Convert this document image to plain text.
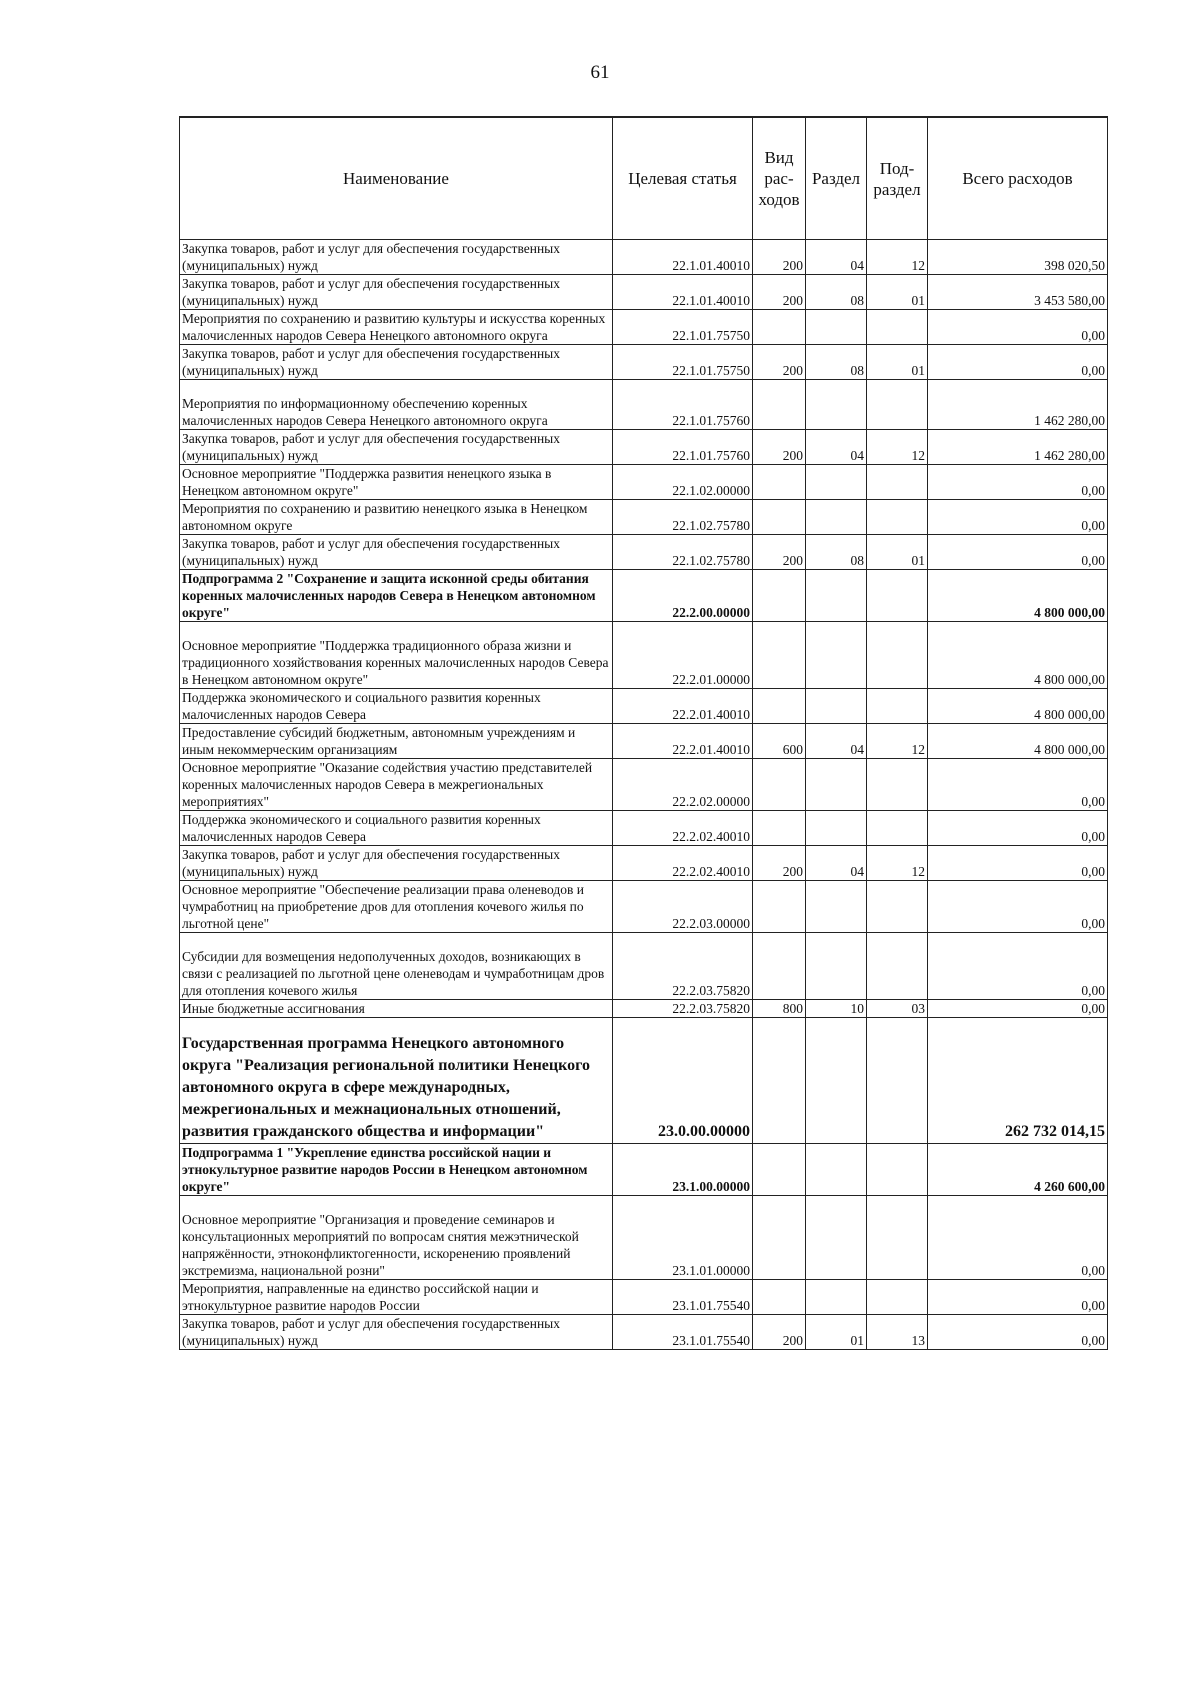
61
Наименование	Целевая статья	Вид рас-ходов	Раздел	Под-раздел	Всего расходов
Закупка товаров, работ и услуг для обеспечения государственных (муниципальных) нужд	22.1.01.40010	200	04	12	398 020,50
Закупка товаров, работ и услуг для обеспечения государственных (муниципальных) нужд	22.1.01.40010	200	08	01	3 453 580,00
Мероприятия по сохранению и развитию культуры и искусства коренных малочисленных народов Севера Ненецкого автономного округа	22.1.01.75750				0,00
Закупка товаров, работ и услуг для обеспечения государственных (муниципальных) нужд	22.1.01.75750	200	08	01	0,00
Мероприятия по информационному обеспечению коренных малочисленных народов Севера Ненецкого автономного округа	22.1.01.75760				1 462 280,00
Закупка товаров, работ и услуг для обеспечения государственных (муниципальных) нужд	22.1.01.75760	200	04	12	1 462 280,00
Основное мероприятие "Поддержка развития ненецкого языка в Ненецком автономном округе"	22.1.02.00000				0,00
Мероприятия по сохранению и развитию ненецкого языка в Ненецком автономном округе	22.1.02.75780				0,00
Закупка товаров, работ и услуг для обеспечения государственных (муниципальных) нужд	22.1.02.75780	200	08	01	0,00
Подпрограмма 2 "Сохранение и защита исконной среды обитания коренных малочисленных народов Севера в Ненецком автономном округе"	22.2.00.00000				4 800 000,00
Основное мероприятие "Поддержка традиционного образа жизни и традиционного хозяйствования коренных малочисленных народов Севера в Ненецком автономном округе"	22.2.01.00000				4 800 000,00
Поддержка экономического и социального развития коренных малочисленных народов Севера	22.2.01.40010				4 800 000,00
Предоставление субсидий бюджетным, автономным учреждениям и иным некоммерческим организациям	22.2.01.40010	600	04	12	4 800 000,00
Основное мероприятие "Оказание содействия участию представителей коренных малочисленных народов Севера в межрегиональных мероприятиях"	22.2.02.00000				0,00
Поддержка экономического и социального развития коренных малочисленных народов Севера	22.2.02.40010				0,00
Закупка товаров, работ и услуг для обеспечения государственных (муниципальных) нужд	22.2.02.40010	200	04	12	0,00
Основное мероприятие "Обеспечение реализации права оленеводов и чумработниц на приобретение дров для отопления кочевого жилья по льготной цене"	22.2.03.00000				0,00
Субсидии для возмещения недополученных доходов, возникающих в связи с реализацией по льготной цене оленеводам и чумработницам дров для отопления кочевого жилья	22.2.03.75820				0,00
Иные бюджетные ассигнования	22.2.03.75820	800	10	03	0,00
Государственная программа Ненецкого автономного округа "Реализация региональной политики Ненецкого автономного округа в сфере международных, межрегиональных и межнациональных отношений, развития гражданского общества и информации"	23.0.00.00000				262 732 014,15
Подпрограмма 1 "Укрепление единства российской нации и этнокультурное развитие народов России в Ненецком автономном округе"	23.1.00.00000				4 260 600,00
Основное мероприятие "Организация и проведение семинаров и консультационных мероприятий по вопросам снятия межэтнической напряжённости, этноконфликтогенности, искоренению проявлений экстремизма, национальной розни"	23.1.01.00000				0,00
Мероприятия, направленные на единство российской нации и этнокультурное развитие народов России	23.1.01.75540				0,00
Закупка товаров, работ и услуг для обеспечения государственных (муниципальных) нужд	23.1.01.75540	200	01	13	0,00
